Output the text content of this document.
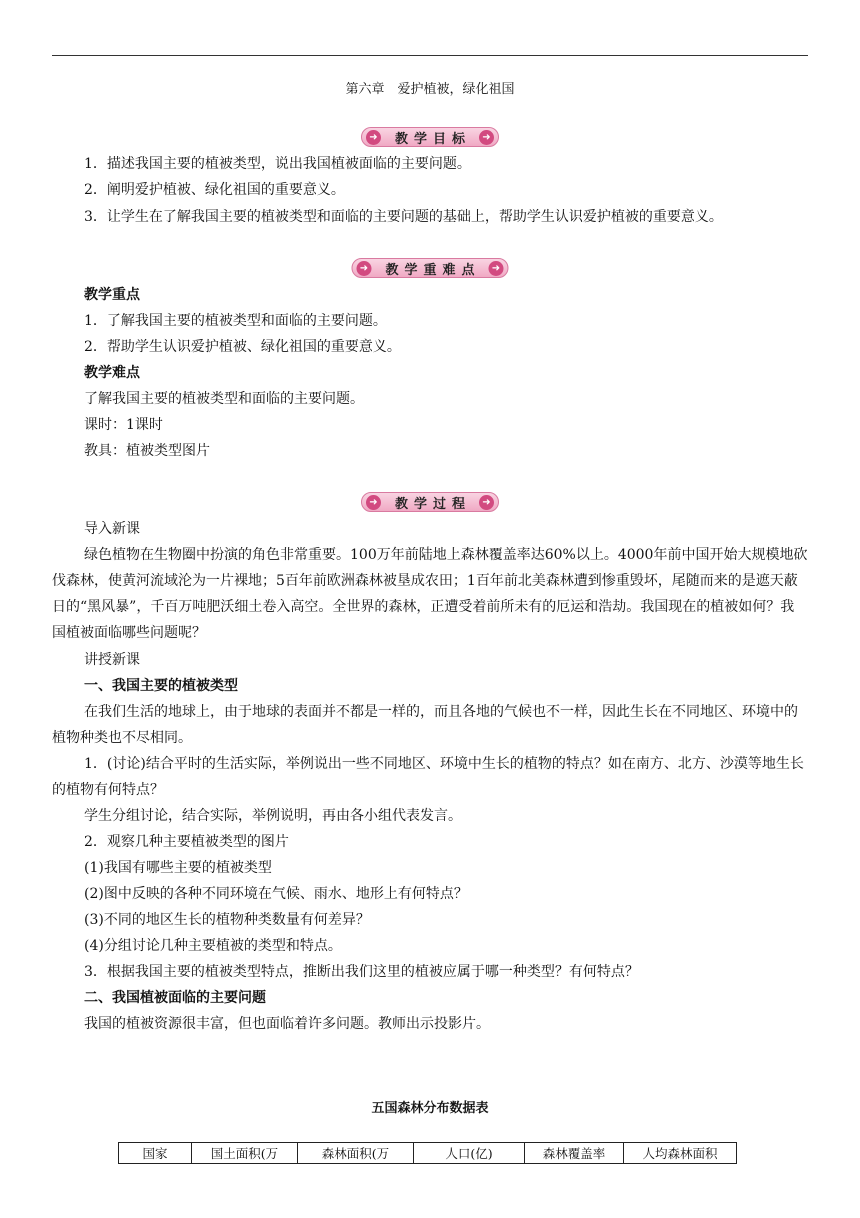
第六章　爱护植被，绿化祖国
➜	教学目标	➜
1．描述我国主要的植被类型，说出我国植被面临的主要问题。
2．阐明爱护植被、绿化祖国的重要意义。
3．让学生在了解我国主要的植被类型和面临的主要问题的基础上，帮助学生认识爱护植被的重要意义。
➜	教学重难点	➜
教学重点
1．了解我国主要的植被类型和面临的主要问题。
2．帮助学生认识爱护植被、绿化祖国的重要意义。
教学难点
了解我国主要的植被类型和面临的主要问题。
课时：1课时
教具：植被类型图片
➜	教学过程	➜
导入新课
绿色植物在生物圈中扮演的角色非常重要。100万年前陆地上森林覆盖率达60%以上。4000年前中国开始大规模地砍伐森林，使黄河流域沦为一片裸地；5百年前欧洲森林被垦成农田；1百年前北美森林遭到惨重毁坏，尾随而来的是遮天蔽日的“黑风暴”，千百万吨肥沃细土卷入高空。全世界的森林，正遭受着前所未有的厄运和浩劫。我国现在的植被如何？我国植被面临哪些问题呢？
讲授新课
一、我国主要的植被类型
在我们生活的地球上，由于地球的表面并不都是一样的，而且各地的气候也不一样，因此生长在不同地区、环境中的植物种类也不尽相同。
1．(讨论)结合平时的生活实际，举例说出一些不同地区、环境中生长的植物的特点？如在南方、北方、沙漠等地生长的植物有何特点？
学生分组讨论，结合实际，举例说明，再由各小组代表发言。
2．观察几种主要植被类型的图片
(1)我国有哪些主要的植被类型
(2)图中反映的各种不同环境在气候、雨水、地形上有何特点？
(3)不同的地区生长的植物种类数量有何差异？
(4)分组讨论几种主要植被的类型和特点。
3．根据我国主要的植被类型特点，推断出我们这里的植被应属于哪一种类型？有何特点？
二、我国植被面临的主要问题
我国的植被资源很丰富，但也面临着许多问题。教师出示投影片。
五国森林分布数据表
国家	国土面积(万	森林面积(万	人口(亿)	森林覆盖率	人均森林面积
